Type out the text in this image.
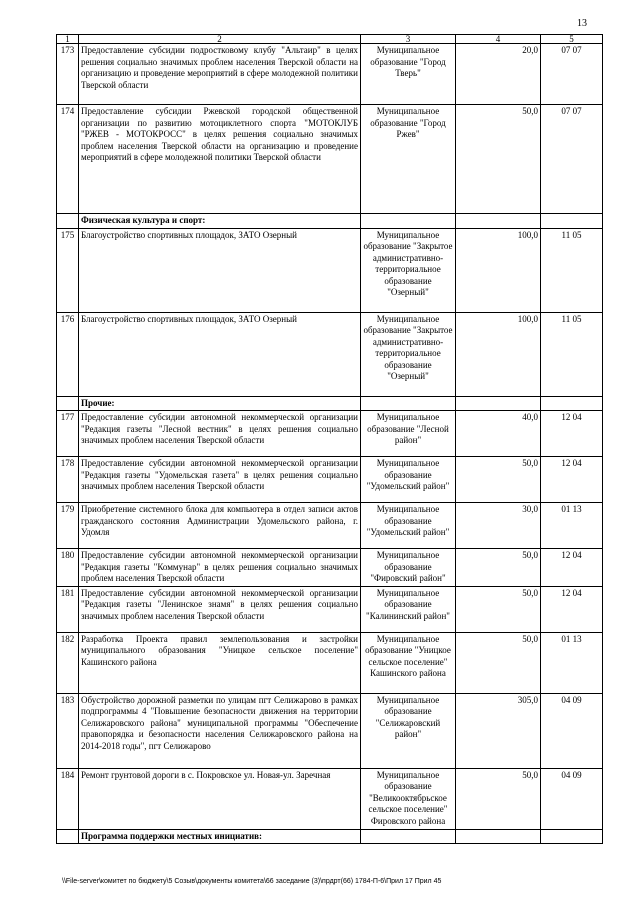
13
1	2	3	4	5
173	Предоставление субсидии подростковому клубу "Альтаир" в целях решения социально значимых проблем населения Тверской области на организацию и проведение мероприятий в сфере молодежной политики Тверской области	Муниципальное образование "Город Тверь"	20,0	07 07
174	Предоставление субсидии Ржевской городской общественной организации по развитию мотоциклетного спорта "МОТОКЛУБ "РЖЕВ - МОТОКРОСС" в целях решения социально значимых проблем населения Тверской области на организацию и проведение мероприятий в сфере молодежной политики Тверской области	Муниципальное образование "Город Ржев"	50,0	07 07
	Физическая культура и спорт:			
175	Благоустройство спортивных площадок, ЗАТО Озерный	Муниципальное образование "Закрытое административно-территориальное образование "Озерный"	100,0	11 05
176	Благоустройство спортивных площадок, ЗАТО Озерный	Муниципальное образование "Закрытое административно-территориальное образование "Озерный"	100,0	11 05
	Прочие:			
177	Предоставление субсидии автономной некоммерческой организации "Редакция газеты "Лесной вестник" в целях решения социально значимых проблем населения Тверской области	Муниципальное образование "Лесной район"	40,0	12 04
178	Предоставление субсидии автономной некоммерческой организации "Редакция газеты "Удомельская газета" в целях решения социально значимых проблем населения Тверской области	Муниципальное образование "Удомельский район"	50,0	12 04
179	Приобретение системного блока для компьютера в отдел записи актов гражданского состояния Администрации Удомельского района, г. Удомля	Муниципальное образование "Удомельский район"	30,0	01 13
180	Предоставление субсидии автономной некоммерческой организации "Редакция газеты "Коммунар" в целях решения социально значимых проблем населения Тверской области	Муниципальное образование "Фировский район"	50,0	12 04
181	Предоставление субсидии автономной некоммерческой организации "Редакция газеты "Ленинское знамя" в целях решения социально значимых проблем населения Тверской области	Муниципальное образование "Калининский район"	50,0	12 04
182	Разработка Проекта правил землепользования и застройки муниципального образования "Уницкое сельское поселение" Кашинского района	Муниципальное образование "Уницкое сельское поселение" Кашинского района	50,0	01 13
183	Обустройство дорожной разметки по улицам пгт Селижарово в рамках подпрограммы 4 "Повышение безопасности движения на территории Селижаровского района" муниципальной программы "Обеспечение правопорядка и безопасности населения Селижаровского района на 2014-2018 годы", пгт Селижарово	Муниципальное образование "Селижаровский район"	305,0	04 09
184	Ремонт грунтовой дороги в с. Покровское ул. Новая-ул. Заречная	Муниципальное образование "Великооктябрьское сельское поселение" Фировского района	50,0	04 09
	Программа поддержки местных инициатив:			
\\File-server\комитет по бюджету\5 Созыв\документы комитета\66 заседание (3)\прдрт(66) 1784-П-6\Прил 17 Прил 45
